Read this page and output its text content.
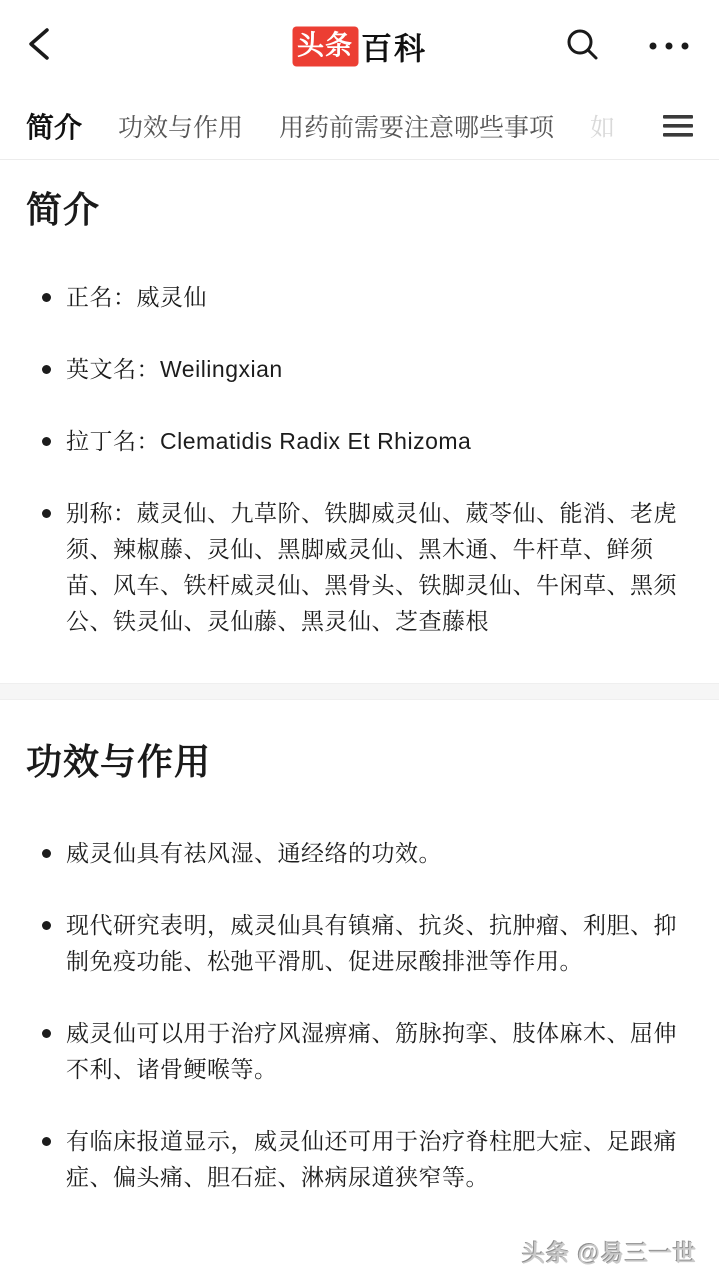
头条 百科
简介 功效与作用 用药前需要注意哪些事项 如
简介
正名：威灵仙
英文名：Weilingxian
拉丁名：Clematidis Radix Et Rhizoma
别称：葳灵仙、九草阶、铁脚威灵仙、葳苓仙、能消、老虎须、辣椒藤、灵仙、黑脚威灵仙、黑木通、牛杆草、鲜须苗、风车、铁杆威灵仙、黑骨头、铁脚灵仙、牛闲草、黑须公、铁灵仙、灵仙藤、黑灵仙、芝查藤根
功效与作用
威灵仙具有祛风湿、通经络的功效。
现代研究表明，威灵仙具有镇痛、抗炎、抗肿瘤、利胆、抑制免疫功能、松弛平滑肌、促进尿酸排泄等作用。
威灵仙可以用于治疗风湿痹痛、筋脉拘挛、肢体麻木、屈伸不利、诸骨鲠喉等。
有临床报道显示，威灵仙还可用于治疗脊柱肥大症、足跟痛症、偏头痛、胆石症、淋病尿道狭窄等。
头条 @易三一世
